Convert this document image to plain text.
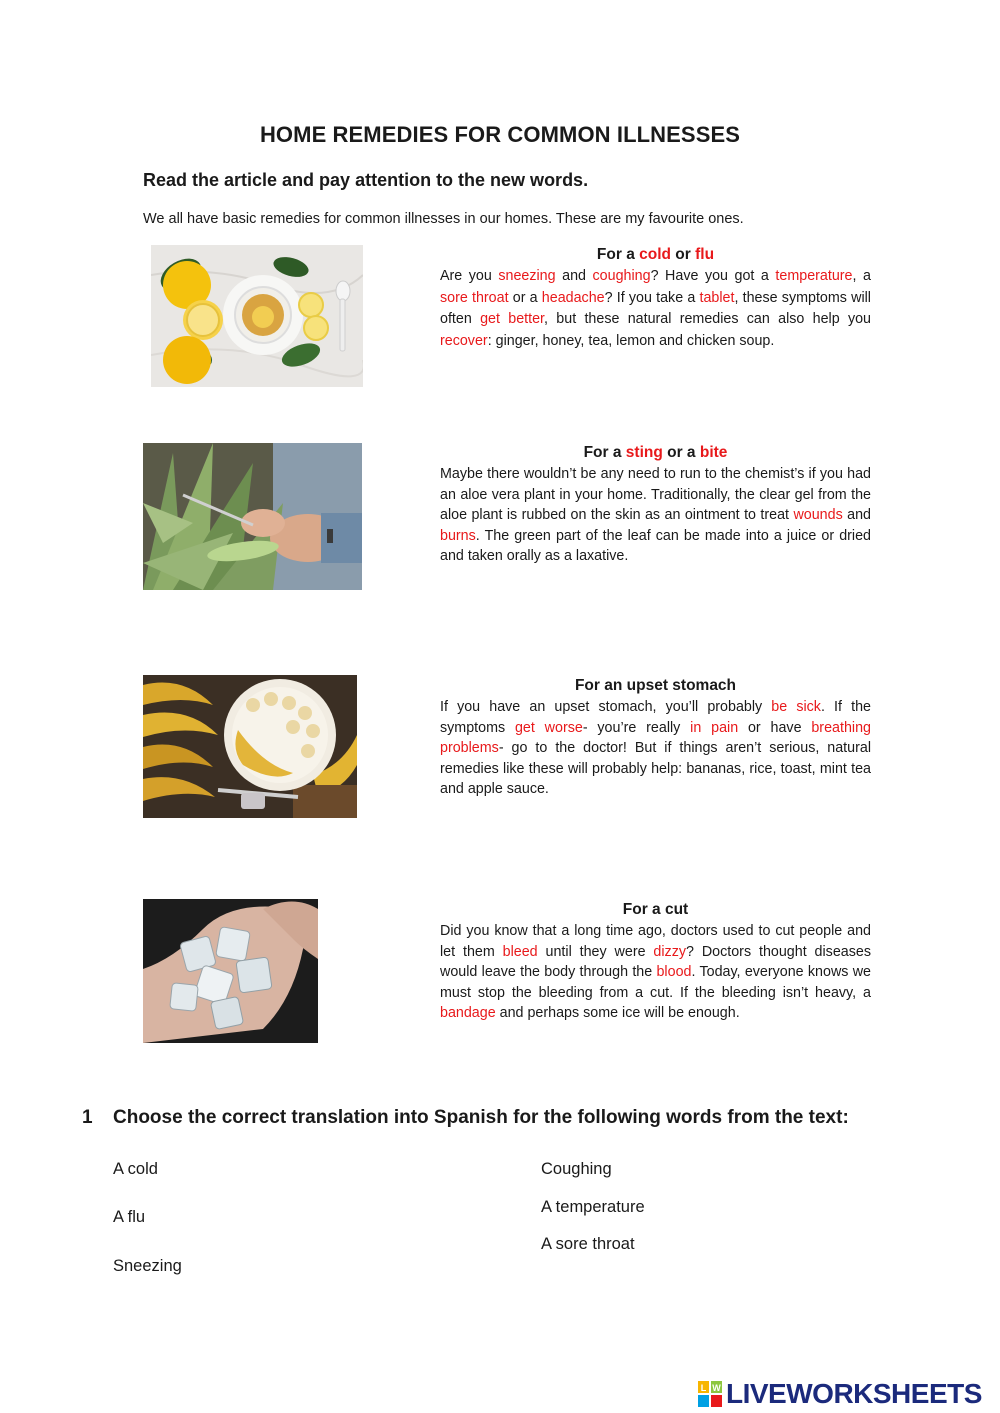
HOME REMEDIES FOR COMMON ILLNESSES
Read the article and pay attention to the new words.
We all have basic remedies for common illnesses in our homes. These are my favourite ones.
For a cold or flu

Are you sneezing and coughing? Have you got a temperature, a sore throat or a headache? If you take a tablet, these symptoms will often get better, but these natural remedies can also help you recover: ginger, honey, tea, lemon and chicken soup.

For a sting or a bite

Maybe there wouldn’t be any need to run to the chemist’s if you had an aloe vera plant in your home. Traditionally, the clear gel from the aloe plant is rubbed on the skin as an ointment to treat wounds and burns. The green part of the leaf can be made into a juice or dried and taken orally as a laxative.

For an upset stomach

If you have an upset stomach, you’ll probably be sick. If the symptoms get worse- you’re really in pain or have breathing problems- go to the doctor! But if things aren’t serious, natural remedies like these will probably help: bananas, rice, toast, mint tea and apple sauce.

For a cut

Did you know that a long time ago, doctors used to cut people and let them bleed until they were dizzy? Doctors thought diseases would leave the body through the blood. Today, everyone knows we must stop the bleeding from a cut. If the bleeding isn’t heavy, a bandage and perhaps some ice will be enough.

1 Choose the correct translation into Spanish for the following words from the text:
A cold
A flu
Sneezing
Coughing
A temperature
A sore throat
L W LIVEWORKSHEETS
